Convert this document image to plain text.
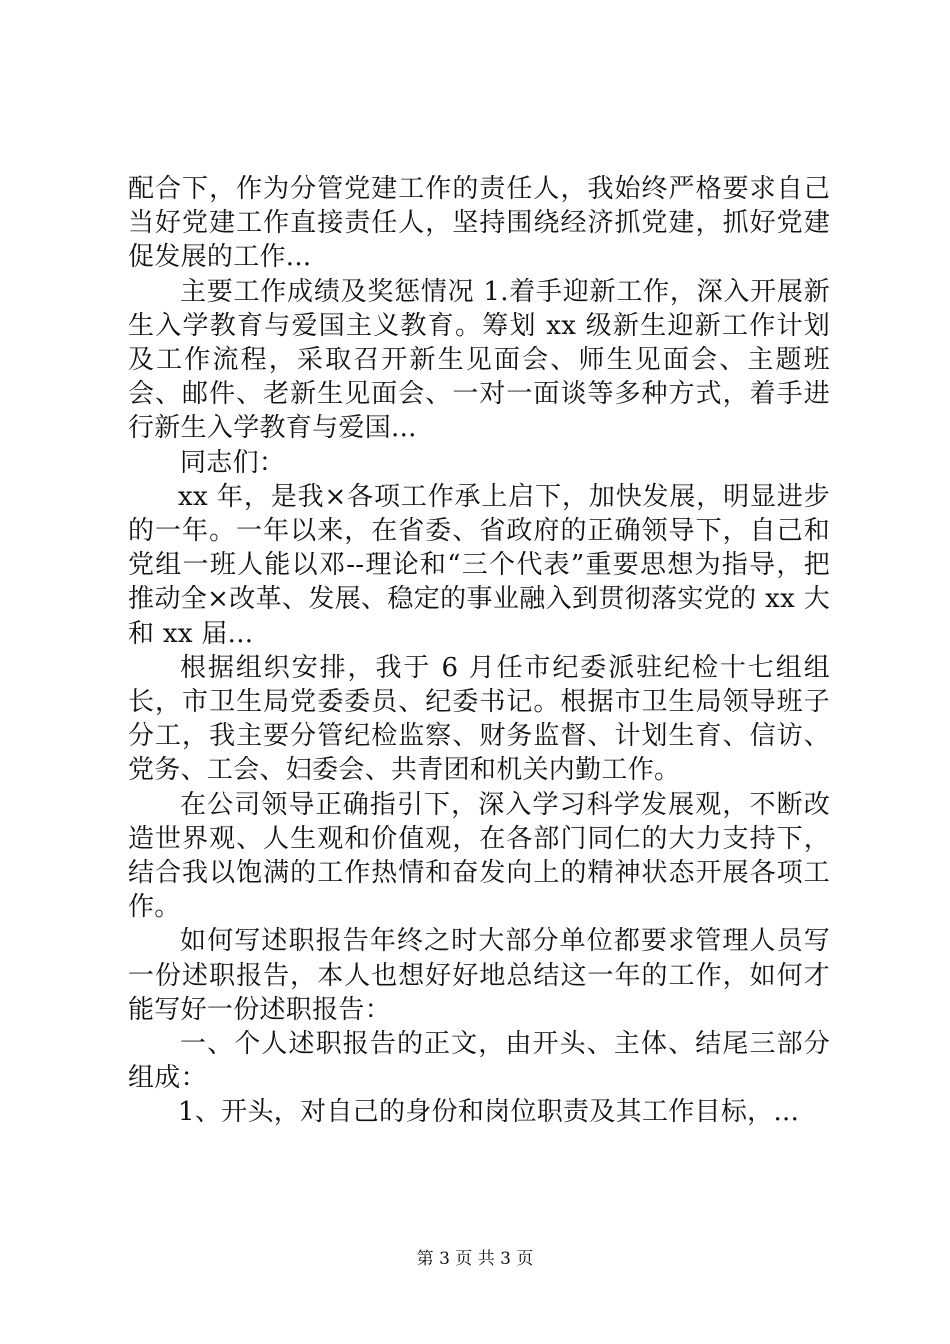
配合下，作为分管党建工作的责任人，我始终严格要求自己当好党建工作直接责任人，坚持围绕经济抓党建，抓好党建促发展的工作...

主要工作成绩及奖惩情况 1.着手迎新工作，深入开展新生入学教育与爱国主义教育。筹划 xx 级新生迎新工作计划及工作流程，采取召开新生见面会、师生见面会、主题班会、邮件、老新生见面会、一对一面谈等多种方式，着手进行新生入学教育与爱国...

同志们：

xx 年，是我×各项工作承上启下，加快发展，明显进步的一年。一年以来，在省委、省政府的正确领导下，自己和党组一班人能以邓--理论和“三个代表”重要思想为指导，把推动全×改革、发展、稳定的事业融入到贯彻落实党的 xx 大和 xx 届...

根据组织安排，我于 6 月任市纪委派驻纪检十七组组长，市卫生局党委委员、纪委书记。根据市卫生局领导班子分工，我主要分管纪检监察、财务监督、计划生育、信访、党务、工会、妇委会、共青团和机关内勤工作。

在公司领导正确指引下，深入学习科学发展观，不断改造世界观、人生观和价值观，在各部门同仁的大力支持下，结合我以饱满的工作热情和奋发向上的精神状态开展各项工作。

如何写述职报告年终之时大部分单位都要求管理人员写一份述职报告，本人也想好好地总结这一年的工作，如何才能写好一份述职报告：

一、个人述职报告的正文，由开头、主体、结尾三部分组成：

1、开头，对自己的身份和岗位职责及其工作目标，...

第 3 页 共 3 页
